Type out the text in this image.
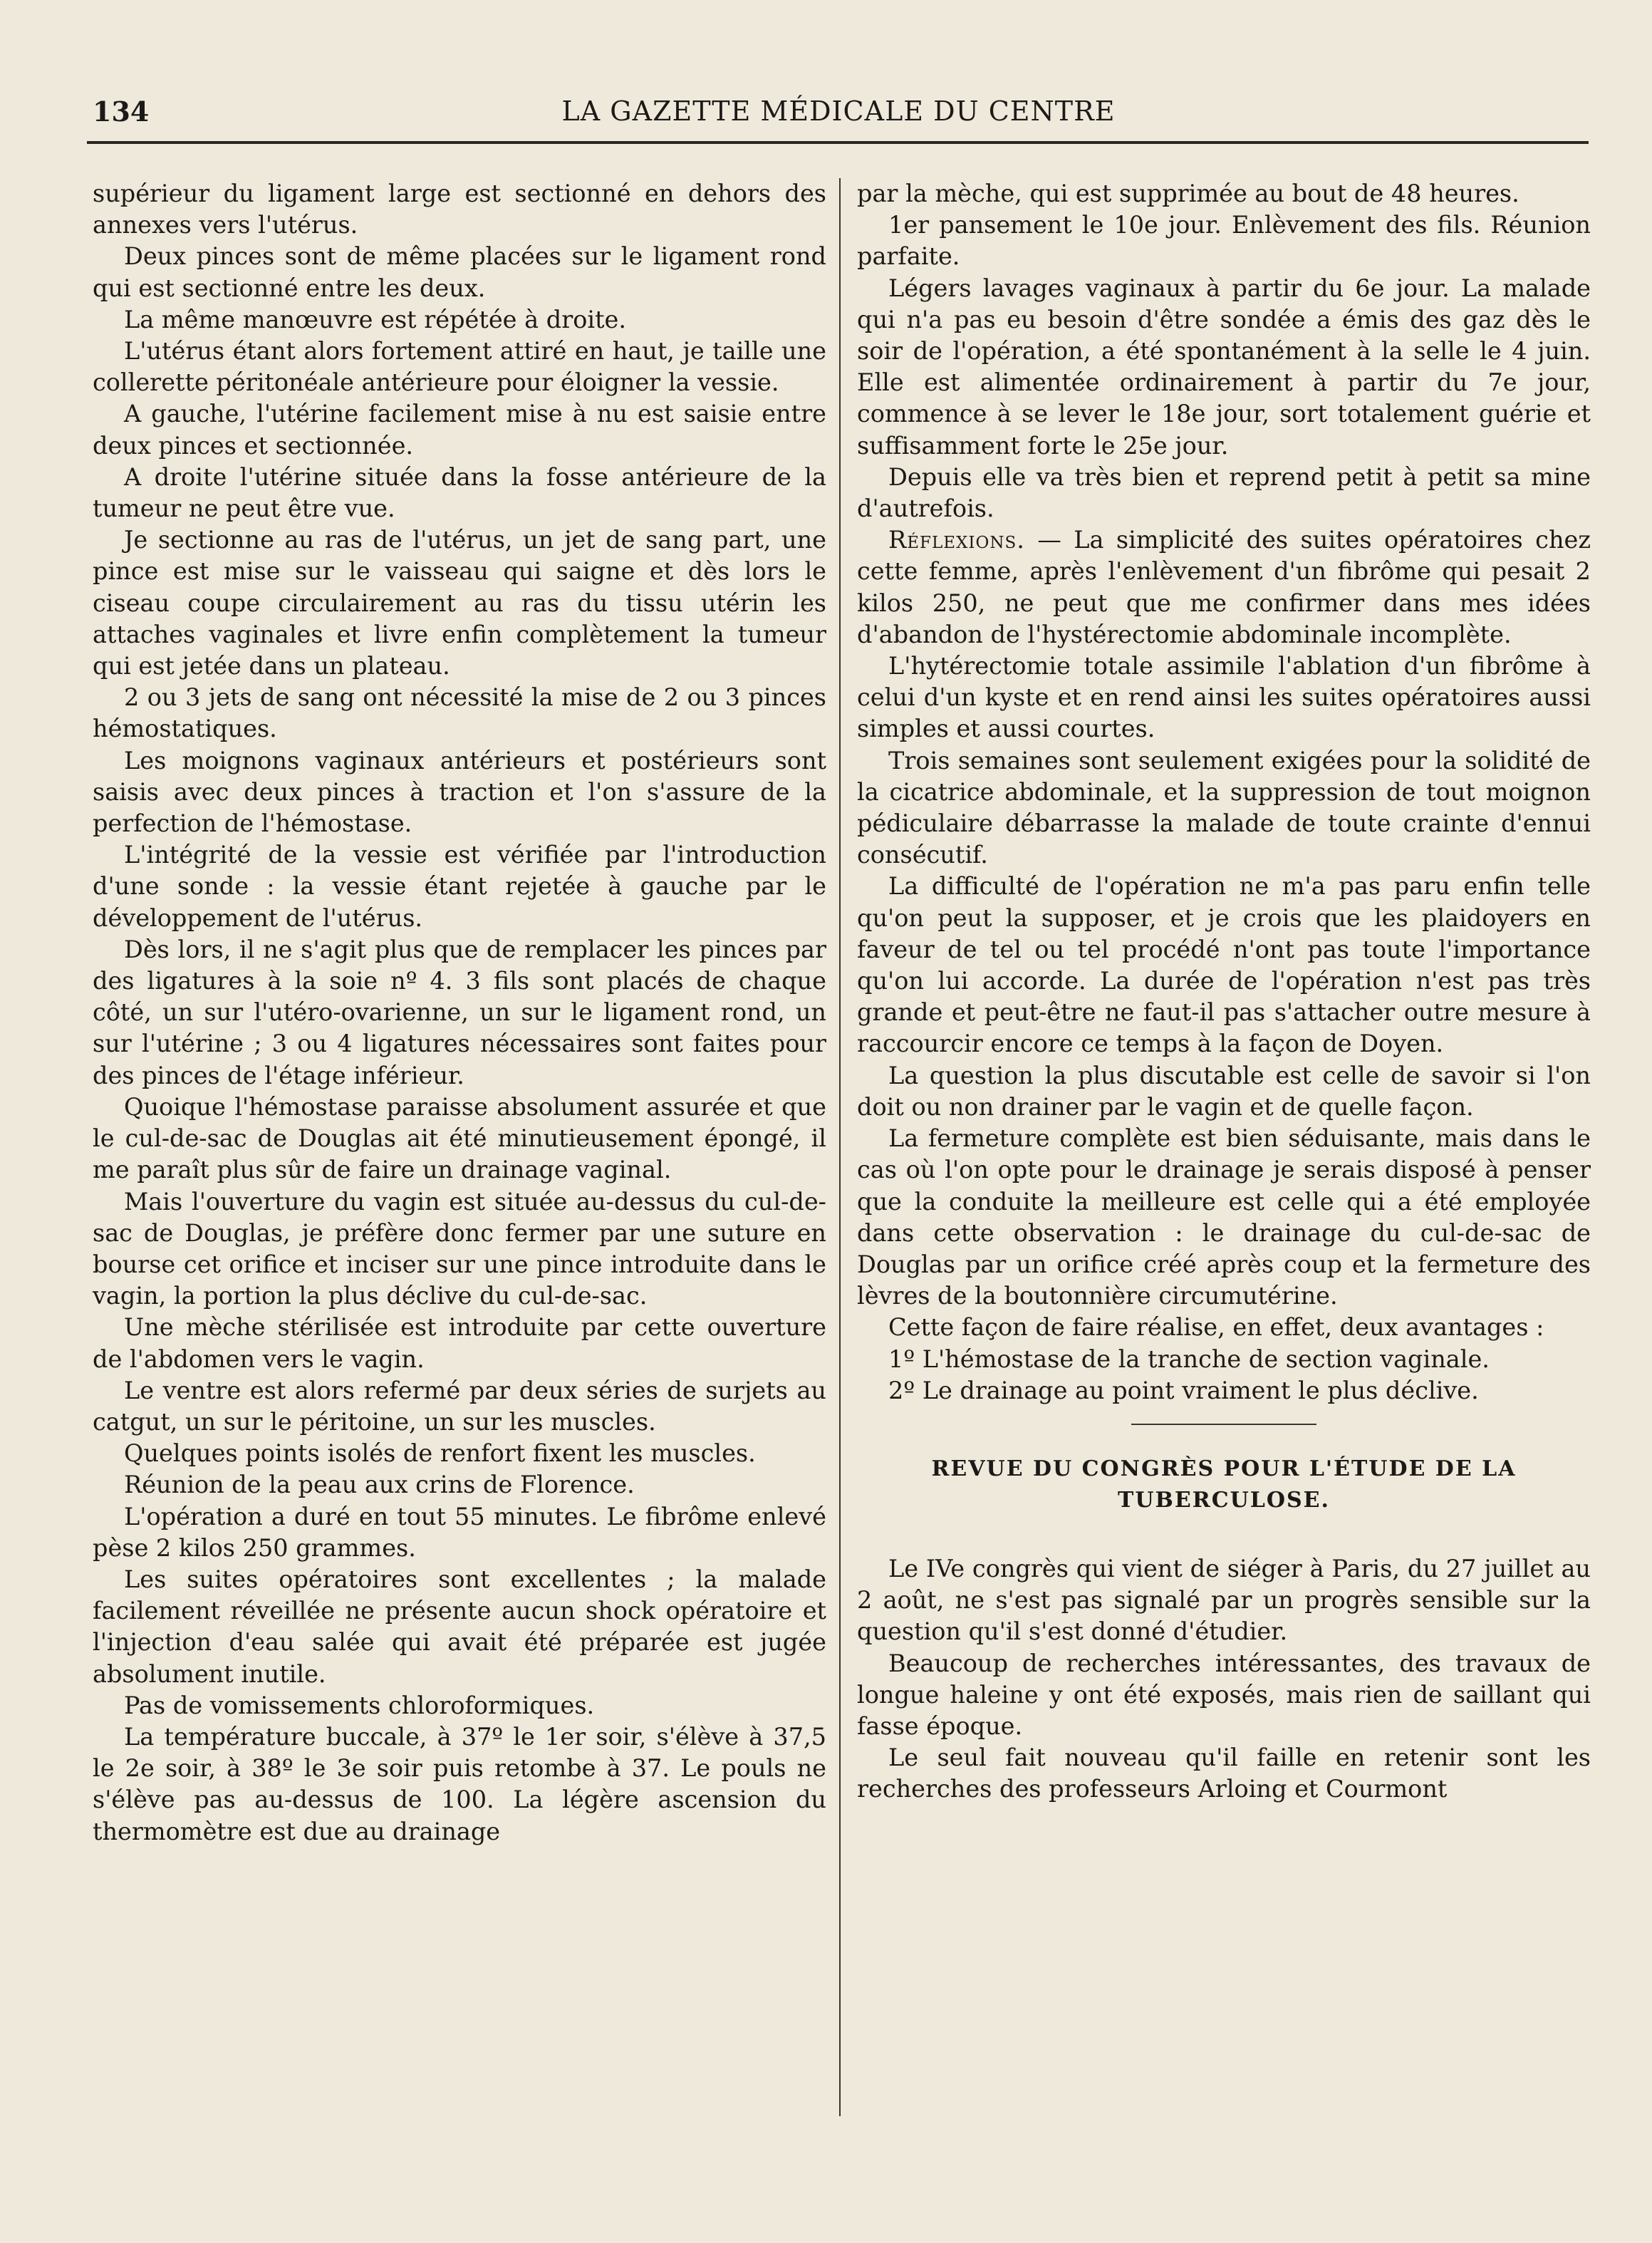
134	LA GAZETTE MÉDICALE DU CENTRE

supérieur du ligament large est sectionné en dehors des annexes vers l'utérus.

Deux pinces sont de même placées sur le ligament rond qui est sectionné entre les deux.

La même manœuvre est répétée à droite.

L'utérus étant alors fortement attiré en haut, je taille une collerette péritonéale antérieure pour éloigner la vessie.

A gauche, l'utérine facilement mise à nu est saisie entre deux pinces et sectionnée.

A droite l'utérine située dans la fosse antérieure de la tumeur ne peut être vue.

Je sectionne au ras de l'utérus, un jet de sang part, une pince est mise sur le vaisseau qui saigne et dès lors le ciseau coupe circulairement au ras du tissu utérin les attaches vaginales et livre enfin complètement la tumeur qui est jetée dans un plateau.

2 ou 3 jets de sang ont nécessité la mise de 2 ou 3 pinces hémostatiques.

Les moignons vaginaux antérieurs et postérieurs sont saisis avec deux pinces à traction et l'on s'assure de la perfection de l'hémostase.

L'intégrité de la vessie est vérifiée par l'introduction d'une sonde : la vessie étant rejetée à gauche par le développement de l'utérus.

Dès lors, il ne s'agit plus que de remplacer les pinces par des ligatures à la soie nº 4. 3 fils sont placés de chaque côté, un sur l'utéro-ovarienne, un sur le ligament rond, un sur l'utérine ; 3 ou 4 ligatures nécessaires sont faites pour des pinces de l'étage inférieur.

Quoique l'hémostase paraisse absolument assurée et que le cul-de-sac de Douglas ait été minutieusement épongé, il me paraît plus sûr de faire un drainage vaginal.

Mais l'ouverture du vagin est située au-dessus du cul-de-sac de Douglas, je préfère donc fermer par une suture en bourse cet orifice et inciser sur une pince introduite dans le vagin, la portion la plus déclive du cul-de-sac.

Une mèche stérilisée est introduite par cette ouverture de l'abdomen vers le vagin.

Le ventre est alors refermé par deux séries de surjets au catgut, un sur le péritoine, un sur les muscles.

Quelques points isolés de renfort fixent les muscles.

Réunion de la peau aux crins de Florence.

L'opération a duré en tout 55 minutes. Le fibrôme enlevé pèse 2 kilos 250 grammes.

Les suites opératoires sont excellentes ; la malade facilement réveillée ne présente aucun shock opératoire et l'injection d'eau salée qui avait été préparée est jugée absolument inutile.

Pas de vomissements chloroformiques.

La température buccale, à 37º le 1er soir, s'élève à 37,5 le 2e soir, à 38º le 3e soir puis retombe à 37. Le pouls ne s'élève pas au-dessus de 100. La légère ascension du thermomètre est due au drainage

par la mèche, qui est supprimée au bout de 48 heures.

1er pansement le 10e jour. Enlèvement des fils. Réunion parfaite.

Légers lavages vaginaux à partir du 6e jour. La malade qui n'a pas eu besoin d'être sondée a émis des gaz dès le soir de l'opération, a été spontanément à la selle le 4 juin. Elle est alimentée ordinairement à partir du 7e jour, commence à se lever le 18e jour, sort totalement guérie et suffisamment forte le 25e jour.

Depuis elle va très bien et reprend petit à petit sa mine d'autrefois.

Réflexions. — La simplicité des suites opératoires chez cette femme, après l'enlèvement d'un fibrôme qui pesait 2 kilos 250, ne peut que me confirmer dans mes idées d'abandon de l'hystérectomie abdominale incomplète.

L'hytérectomie totale assimile l'ablation d'un fibrôme à celui d'un kyste et en rend ainsi les suites opératoires aussi simples et aussi courtes.

Trois semaines sont seulement exigées pour la solidité de la cicatrice abdominale, et la suppression de tout moignon pédiculaire débarrasse la malade de toute crainte d'ennui consécutif.

La difficulté de l'opération ne m'a pas paru enfin telle qu'on peut la supposer, et je crois que les plaidoyers en faveur de tel ou tel procédé n'ont pas toute l'importance qu'on lui accorde. La durée de l'opération n'est pas très grande et peut-être ne faut-il pas s'attacher outre mesure à raccourcir encore ce temps à la façon de Doyen.

La question la plus discutable est celle de savoir si l'on doit ou non drainer par le vagin et de quelle façon.

La fermeture complète est bien séduisante, mais dans le cas où l'on opte pour le drainage je serais disposé à penser que la conduite la meilleure est celle qui a été employée dans cette observation : le drainage du cul-de-sac de Douglas par un orifice créé après coup et la fermeture des lèvres de la boutonnière circumutérine.

Cette façon de faire réalise, en effet, deux avantages :

1º L'hémostase de la tranche de section vaginale.

2º Le drainage au point vraiment le plus déclive.

REVUE DU CONGRÈS POUR L'ÉTUDE DE LA TUBERCULOSE.

Le IVe congrès qui vient de siéger à Paris, du 27 juillet au 2 août, ne s'est pas signalé par un progrès sensible sur la question qu'il s'est donné d'étudier.

Beaucoup de recherches intéressantes, des travaux de longue haleine y ont été exposés, mais rien de saillant qui fasse époque.

Le seul fait nouveau qu'il faille en retenir sont les recherches des professeurs Arloing et Courmont
